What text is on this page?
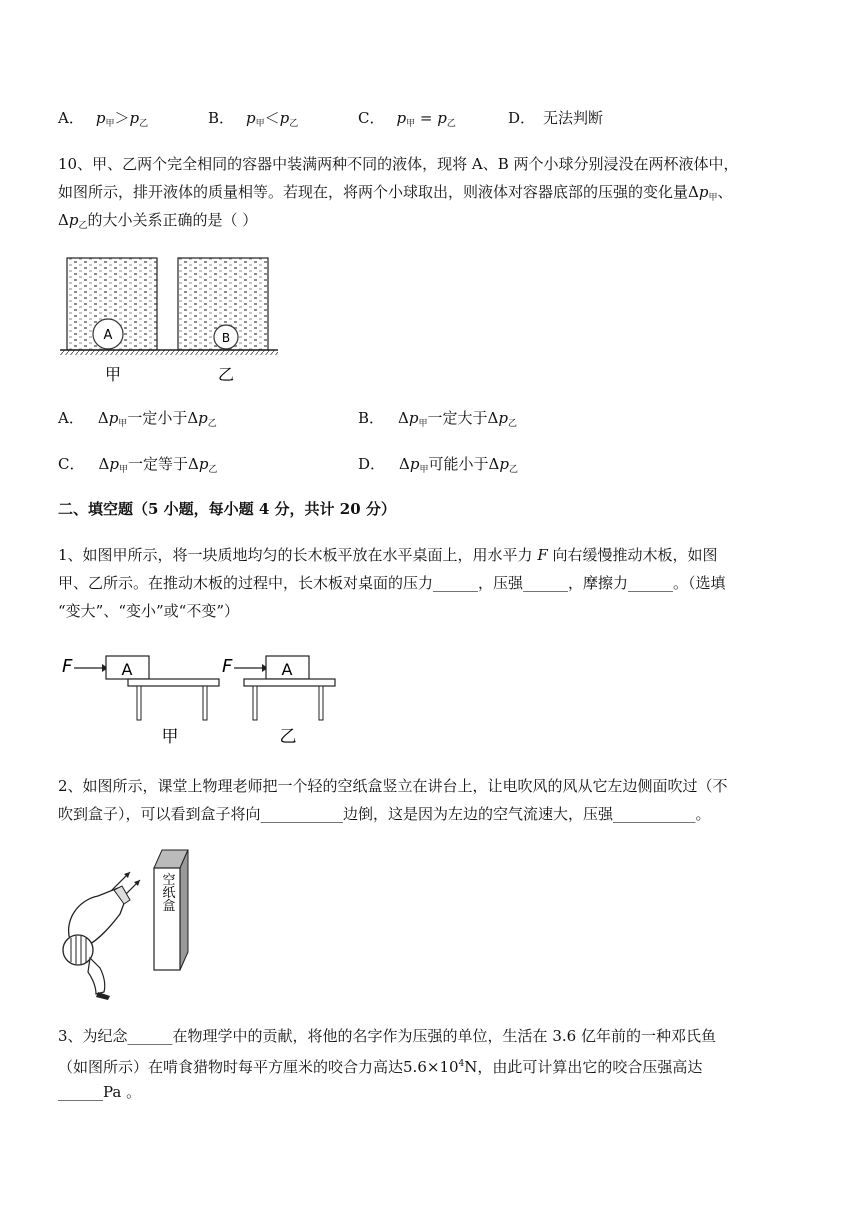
A． $p_甲>p_乙$	B． $p_甲<p_乙$	C． $p_甲 = p_乙$	D． 无法判断
10、甲、乙两个完全相同的容器中装满两种不同的液体，现将 A、B 两个小球分别浸没在两杯液体中，
如图所示，排开液体的质量相等。若现在，将两个小球取出，则液体对容器底部的压强的变化量$\Delta p_甲$、
$\Delta p_乙$的大小关系正确的是（ ）
A	B
甲	乙
A． $\Delta p_甲$一定小于$\Delta p_乙$	B． $\Delta p_甲$一定大于$\Delta p_乙$
C． $\Delta p_甲$一定等于$\Delta p_乙$	D． $\Delta p_甲$可能小于$\Delta p_乙$
二、填空题（5 小题，每小题 4 分，共计 20 分）
1、如图甲所示，将一块质地均匀的长木板平放在水平桌面上，用水平力 F 向右缓慢推动木板，如图
甲、乙所示。在推动木板的过程中，长木板对桌面的压力______，压强______，摩擦力______。（选填
“变大”、“变小”或“不变”）
F	A
甲
F	A
乙
2、如图所示，课堂上物理老师把一个轻的空纸盒竖立在讲台上，让电吹风的风从它左边侧面吹过（不
吹到盒子），可以看到盒子将向___________边倒，这是因为左边的空气流速大，压强___________。
空纸盒
3、为纪念______在物理学中的贡献，将他的名字作为压强的单位，生活在 3.6 亿年前的一种邓氏鱼
（如图所示）在啃食猎物时每平方厘米的咬合力高达$5.6\times 10^4N$，由此可计算出它的咬合压强高达
______Pa 。
